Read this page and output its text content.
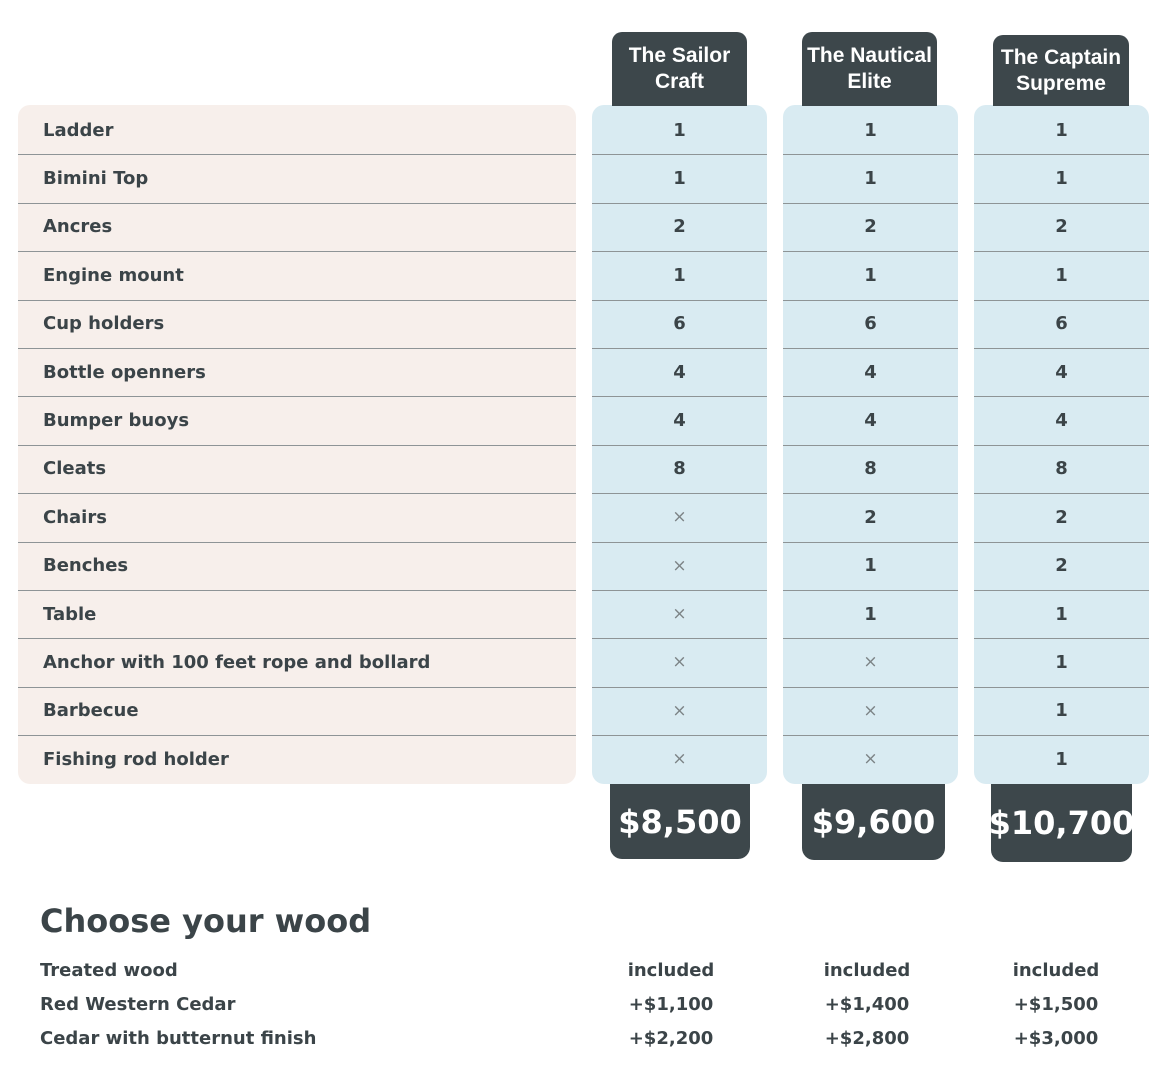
The Sailor
Craft
The Nautical
Elite
The Captain
Supreme
Ladder	1	1	1
Bimini Top	1	1	1
Ancres	2	2	2
Engine mount	1	1	1
Cup holders	6	6	6
Bottle openners	4	4	4
Bumper buoys	4	4	4
Cleats	8	8	8
Chairs	×	2	2
Benches	×	1	2
Table	×	1	1
Anchor with 100 feet rope and bollard	×	×	1
Barbecue	×	×	1
Fishing rod holder	×	×	1
$8,500	$9,600	$10,700
Choose your wood
Treated wood	included	included	included
Red Western Cedar	+$1,100	+$1,400	+$1,500
Cedar with butternut finish	+$2,200	+$2,800	+$3,000
